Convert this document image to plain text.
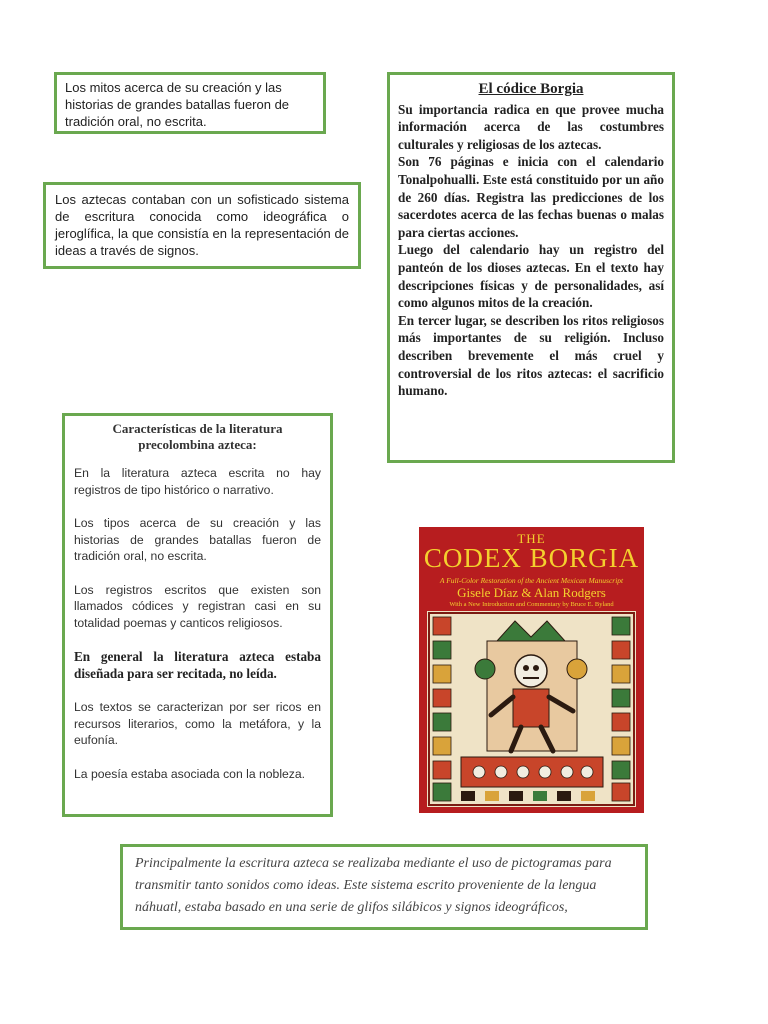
Los mitos acerca de su creación y las historias de grandes batallas fueron de tradición oral, no escrita.
Los aztecas contaban con un sofisticado sistema de escritura conocida como ideográfica o jeroglífica, la que consistía en la representación de ideas a través de signos.
El códice Borgia

Su importancia radica en que provee mucha información acerca de las costumbres culturales y religiosas de los aztecas.

Son 76 páginas e inicia con el calendario Tonalpohualli. Este está constituido por un año de 260 días. Registra las predicciones de los sacerdotes acerca de las fechas buenas o malas para ciertas acciones.

Luego del calendario hay un registro del panteón de los dioses aztecas. En el texto hay descripciones físicas y de personalidades, así como algunos mitos de la creación.

En tercer lugar, se describen los ritos religiosos más importantes de su religión. Incluso describen brevemente el más cruel y controversial de los ritos aztecas: el sacrificio humano.

Características de la literatura precolombina azteca:

En la literatura azteca escrita no hay registros de tipo histórico o narrativo.

Los tipos acerca de su creación y las historias de grandes batallas fueron de tradición oral, no escrita.

Los registros escritos que existen son llamados códices y registran casi en su totalidad poemas y canticos religiosos.

En general la literatura azteca estaba diseñada para ser recitada, no leída.

Los textos se caracterizan por ser ricos en recursos literarios, como la metáfora, y la eufonía.

La poesía estaba asociada con la nobleza.

THE
CODEX BORGIA
A Full-Color Restoration of the Ancient Mexican Manuscript
Gisele Díaz & Alan Rodgers
With a New Introduction and Commentary by Bruce E. Byland
Principalmente la escritura azteca se realizaba mediante el uso de pictogramas para transmitir tanto sonidos como ideas. Este sistema escrito proveniente de la lengua náhuatl, estaba basado en una serie de glifos silábicos y signos ideográficos,
